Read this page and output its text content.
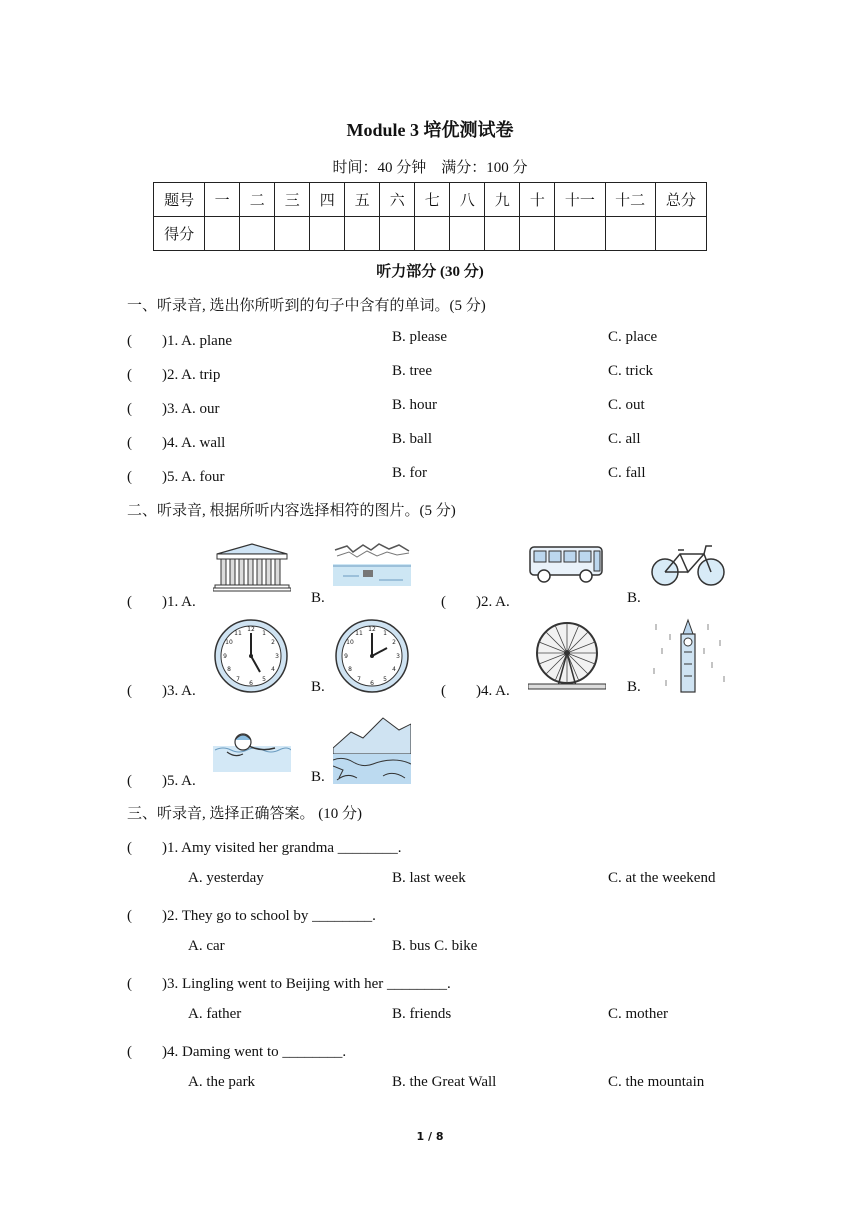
Module 3 培优测试卷
时间：40 分钟　满分：100 分
题号	一	二	三	四	五	六	七	八	九	十	十一	十二	总分
得分													
听力部分 (30 分)
一、听录音, 选出你所听到的句子中含有的单词。(5 分)
(　　)1. A. plane	B. please	C. place
(　　)2. A. trip	B. tree	C. trick
(　　)3. A. our	B. hour	C. out
(　　)4. A. wall	B. ball	C. all
(　　)5. A. four	B. for	C. fall
二、听录音, 根据所听内容选择相符的图片。(5 分)
(　　)1. A.	B.	(　　)2. A.	B.
(　　)3. A.
12
1
2
3
4
5
6
7
8
9
10
11
B.
12
1
2
3
4
5
6
7
8
9
10
11
(　　)4. A.	B.
(　　)5. A.	B.
三、听录音, 选择正确答案。 (10 分)
(　　)1. Amy visited her grandma ________.
A. yesterday	B. last week	C. at the weekend
(　　)2. They go to school by ________.
A. car	B. bus C. bike
(　　)3. Lingling went to Beijing with her ________.
A. father	B. friends	C. mother
(　　)4. Daming went to ________.
A. the park	B. the Great Wall	C. the mountain
1 / 8
